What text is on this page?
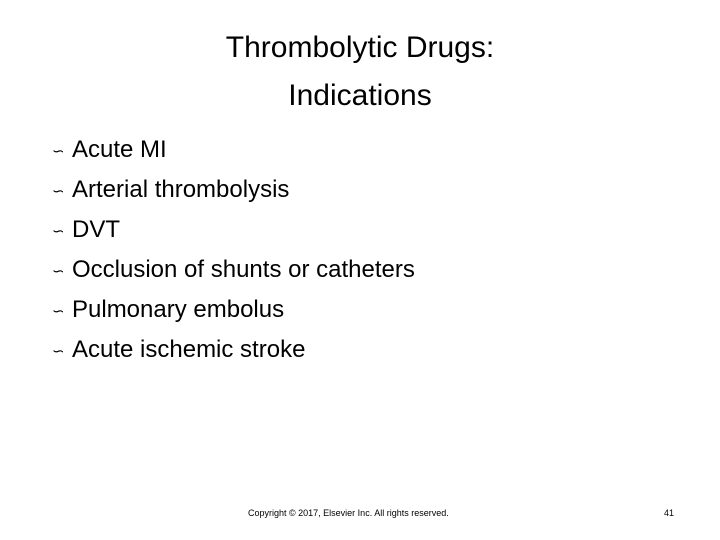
Thrombolytic Drugs:
Indications
∽ Acute MI
∽ Arterial thrombolysis
∽ DVT
∽ Occlusion of shunts or catheters
∽ Pulmonary embolus
∽ Acute ischemic stroke
Copyright © 2017, Elsevier Inc. All rights reserved.	41
